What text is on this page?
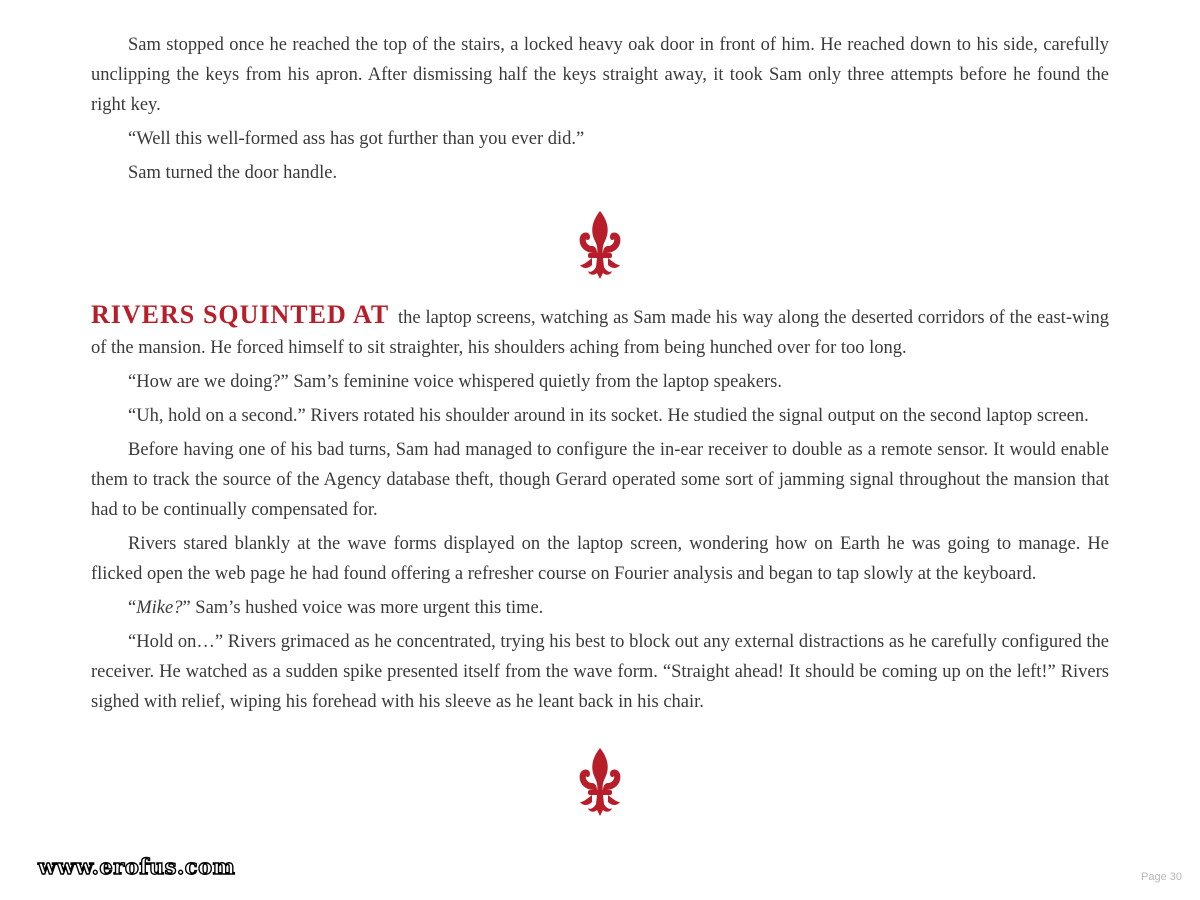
Sam stopped once he reached the top of the stairs, a locked heavy oak door in front of him. He reached down to his side, carefully unclipping the keys from his apron. After dismissing half the keys straight away, it took Sam only three attempts before he found the right key.

“Well this well-formed ass has got further than you ever did.”

Sam turned the door handle.

RIVERS SQUINTED AT the laptop screens, watching as Sam made his way along the deserted corridors of the east-wing of the mansion. He forced himself to sit straighter, his shoulders aching from being hunched over for too long.

“How are we doing?” Sam’s feminine voice whispered quietly from the laptop speakers.

“Uh, hold on a second.” Rivers rotated his shoulder around in its socket. He studied the signal output on the second laptop screen.

Before having one of his bad turns, Sam had managed to configure the in-ear receiver to double as a remote sensor. It would enable them to track the source of the Agency database theft, though Gerard operated some sort of jamming signal throughout the mansion that had to be continually compensated for.

Rivers stared blankly at the wave forms displayed on the laptop screen, wondering how on Earth he was going to manage. He flicked open the web page he had found offering a refresher course on Fourier analysis and began to tap slowly at the keyboard.

“Mike?” Sam’s hushed voice was more urgent this time.

“Hold on…” Rivers grimaced as he concentrated, trying his best to block out any external distractions as he carefully configured the receiver. He watched as a sudden spike presented itself from the wave form. “Straight ahead! It should be coming up on the left!” Rivers sighed with relief, wiping his forehead with his sleeve as he leant back in his chair.

www.erofus.com	Page 30
